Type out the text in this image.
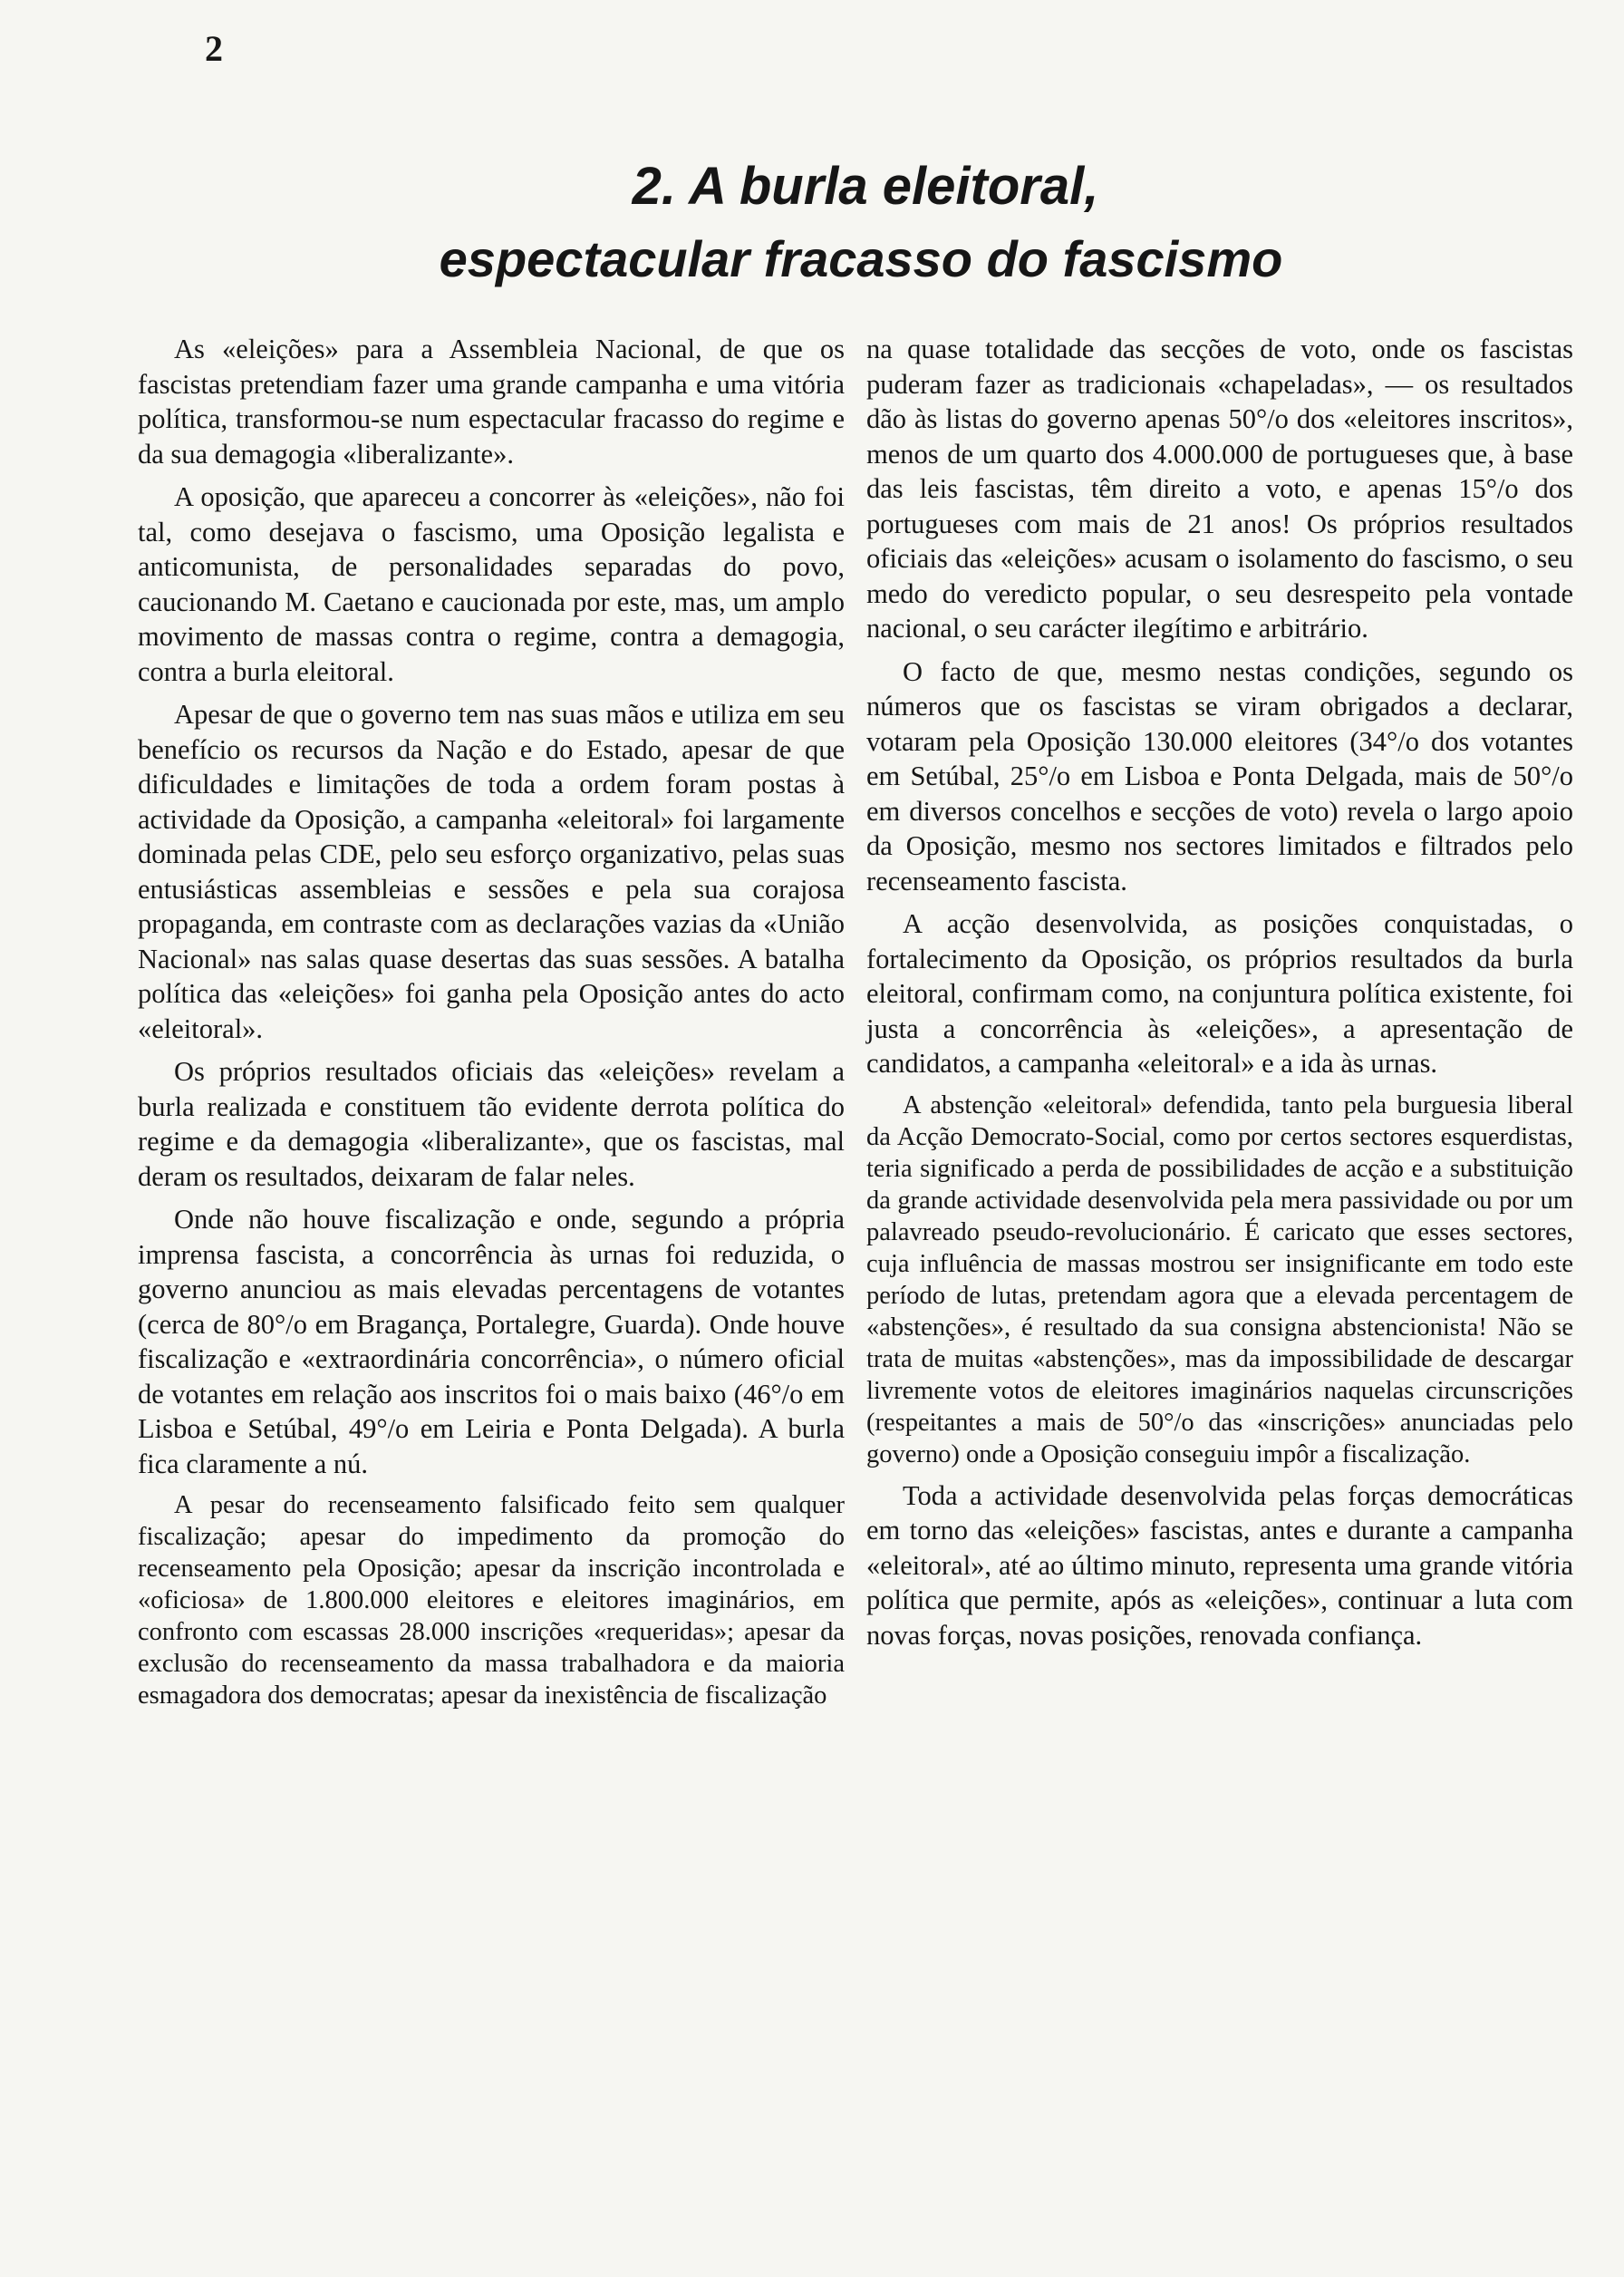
2
2. A burla eleitoral,
espectacular fracasso do fascismo

As «eleições» para a Assembleia Nacional, de que os fascistas pretendiam fazer uma grande campanha e uma vitória política, transformou-se num espectacular fracasso do regime e da sua demagogia «liberalizante».

A oposição, que apareceu a concorrer às «eleições», não foi tal, como desejava o fascismo, uma Oposição legalista e anticomunista, de personalidades separadas do povo, caucionando M. Caetano e caucionada por este, mas, um amplo movimento de massas contra o regime, contra a demagogia, contra a burla eleitoral.

Apesar de que o governo tem nas suas mãos e utiliza em seu benefício os recursos da Nação e do Estado, apesar de que dificuldades e limitações de toda a ordem foram postas à actividade da Oposição, a campanha «eleitoral» foi largamente dominada pelas CDE, pelo seu esforço organizativo, pelas suas entusiásticas assembleias e sessões e pela sua corajosa propaganda, em contraste com as declarações vazias da «União Nacional» nas salas quase desertas das suas sessões. A batalha política das «eleições» foi ganha pela Oposição antes do acto «eleitoral».

Os próprios resultados oficiais das «eleições» revelam a burla realizada e constituem tão evidente derrota política do regime e da demagogia «liberalizante», que os fascistas, mal deram os resultados, deixaram de falar neles.

Onde não houve fiscalização e onde, segundo a própria imprensa fascista, a concorrência às urnas foi reduzida, o governo anunciou as mais elevadas percentagens de votantes (cerca de 80°/o em Bragança, Portalegre, Guarda). Onde houve fiscalização e «extraordinária concorrência», o número oficial de votantes em relação aos inscritos foi o mais baixo (46°/o em Lisboa e Setúbal, 49°/o em Leiria e Ponta Delgada). A burla fica claramente a nú.

A pesar do recenseamento falsificado feito sem qualquer fiscalização; apesar do impedimento da promoção do recenseamento pela Oposição; apesar da inscrição incontrolada e «oficiosa» de 1.800.000 eleitores e eleitores imaginários, em confronto com escassas 28.000 inscrições «requeridas»; apesar da exclusão do recenseamento da massa trabalhadora e da maioria esmagadora dos democratas; apesar da inexistência de fiscalização

na quase totalidade das secções de voto, onde os fascistas puderam fazer as tradicionais «chapeladas», — os resultados dão às listas do governo apenas 50°/o dos «eleitores inscritos», menos de um quarto dos 4.000.000 de portugueses que, à base das leis fascistas, têm direito a voto, e apenas 15°/o dos portugueses com mais de 21 anos! Os próprios resultados oficiais das «eleições» acusam o isolamento do fascismo, o seu medo do veredicto popular, o seu desrespeito pela vontade nacional, o seu carácter ilegítimo e arbitrário.

O facto de que, mesmo nestas condições, segundo os números que os fascistas se viram obrigados a declarar, votaram pela Oposição 130.000 eleitores (34°/o dos votantes em Setúbal, 25°/o em Lisboa e Ponta Delgada, mais de 50°/o em diversos concelhos e secções de voto) revela o largo apoio da Oposição, mesmo nos sectores limitados e filtrados pelo recenseamento fascista.

A acção desenvolvida, as posições conquistadas, o fortalecimento da Oposição, os próprios resultados da burla eleitoral, confirmam como, na conjuntura política existente, foi justa a concorrência às «eleições», a apresentação de candidatos, a campanha «eleitoral» e a ida às urnas.

A abstenção «eleitoral» defendida, tanto pela burguesia liberal da Acção Democrato-Social, como por certos sectores esquerdistas, teria significado a perda de possibilidades de acção e a substituição da grande actividade desenvolvida pela mera passividade ou por um palavreado pseudo-revolucionário. É caricato que esses sectores, cuja influência de massas mostrou ser insignificante em todo este período de lutas, pretendam agora que a elevada percentagem de «abstenções», é resultado da sua consigna abstencionista! Não se trata de muitas «abstenções», mas da impossibilidade de descargar livremente votos de eleitores imaginários naquelas circunscrições (respeitantes a mais de 50°/o das «inscrições» anunciadas pelo governo) onde a Oposição conseguiu impôr a fiscalização.

Toda a actividade desenvolvida pelas forças democráticas em torno das «eleições» fascistas, antes e durante a campanha «eleitoral», até ao último minuto, representa uma grande vitória política que permite, após as «eleições», continuar a luta com novas forças, novas posições, renovada confiança.
